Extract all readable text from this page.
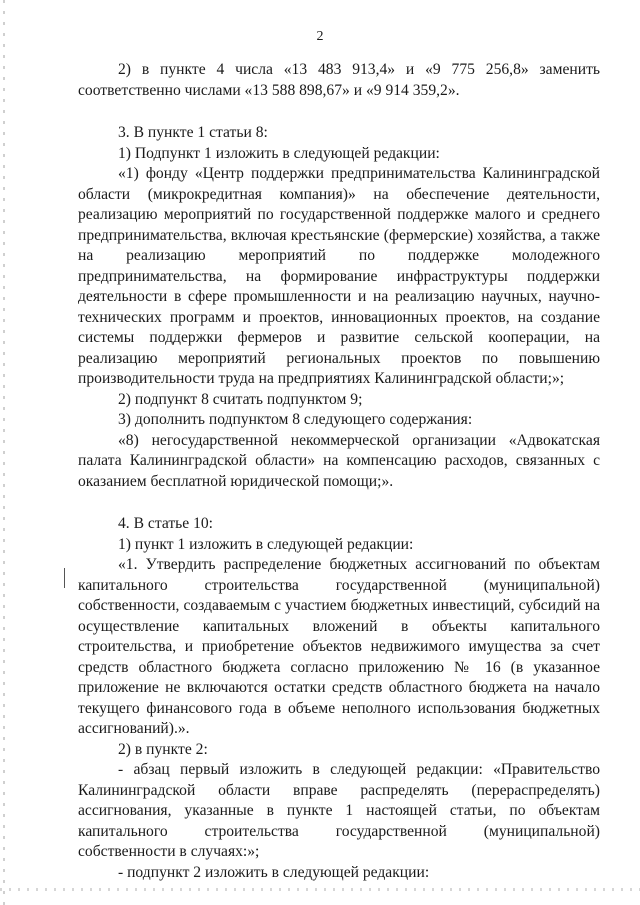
2

2) в пункте 4 числа «13 483 913,4» и «9 775 256,8» заменить соответственно числами «13 588 898,67» и «9 914 359,2».

3. В пункте 1 статьи 8:

1) Подпункт 1 изложить в следующей редакции:

«1) фонду «Центр поддержки предпринимательства Калининградской области (микрокредитная компания)» на обеспечение деятельности, реализацию мероприятий по государственной поддержке малого и среднего предпринимательства, включая крестьянские (фермерские) хозяйства, а также на реализацию мероприятий по поддержке молодежного предпринимательства, на формирование инфраструктуры поддержки деятельности в сфере промышленности и на реализацию научных, научно-технических программ и проектов, инновационных проектов, на создание системы поддержки фермеров и развитие сельской кооперации, на реализацию мероприятий региональных проектов по повышению производительности труда на предприятиях Калининградской области;»;

2) подпункт 8 считать подпунктом 9;

3) дополнить подпунктом 8 следующего содержания:

«8) негосударственной некоммерческой организации «Адвокатская палата Калининградской области» на компенсацию расходов, связанных с оказанием бесплатной юридической помощи;».

4. В статье 10:

1) пункт 1 изложить в следующей редакции:

«1. Утвердить распределение бюджетных ассигнований по объектам капитального строительства государственной (муниципальной) собственности, создаваемым с участием бюджетных инвестиций, субсидий на осуществление капитальных вложений в объекты капитального строительства, и приобретение объектов недвижимого имущества за счет средств областного бюджета согласно приложению № 16 (в указанное приложение не включаются остатки средств областного бюджета на начало текущего финансового года в объеме неполного использования бюджетных ассигнований).».

2) в пункте 2:

- абзац первый изложить в следующей редакции: «Правительство Калининградской области вправе распределять (перераспределять) ассигнования, указанные в пункте 1 настоящей статьи, по объектам капитального строительства государственной (муниципальной) собственности в случаях:»;

- подпункт 2 изложить в следующей редакции:
